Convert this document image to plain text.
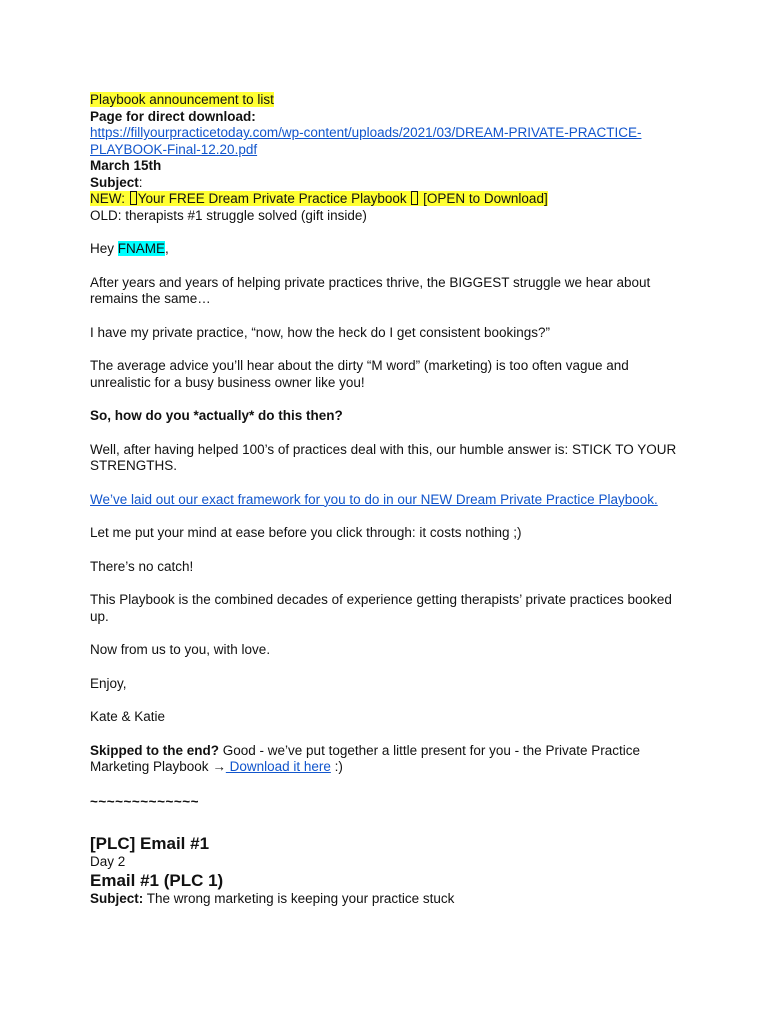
Playbook announcement to list

Page for direct download:

https://fillyourpracticetoday.com/wp-content/uploads/2021/03/DREAM-PRIVATE-PRACTICE-PLAYBOOK-Final-12.20.pdf

March 15th

Subject:

NEW: Your FREE Dream Private Practice Playbook  [OPEN to Download]

OLD: therapists #1 struggle solved (gift inside)

Hey FNAME,

After years and years of helping private practices thrive, the BIGGEST struggle we hear about remains the same…

I have my private practice, “now, how the heck do I get consistent bookings?”

The average advice you’ll hear about the dirty “M word” (marketing) is too often vague and unrealistic for a busy business owner like you!

So, how do you *actually* do this then?

Well, after having helped 100’s of practices deal with this, our humble answer is: STICK TO YOUR STRENGTHS.

We’ve laid out our exact framework for you to do in our NEW Dream Private Practice Playbook.

Let me put your mind at ease before you click through: it costs nothing ;)

There’s no catch!

This Playbook is the combined decades of experience getting therapists’ private practices booked up.

Now from us to you, with love.

Enjoy,

Kate & Katie

Skipped to the end? Good - we’ve put together a little present for you - the Private Practice Marketing Playbook → Download it here :)

~~~~~~~~~~~~~

[PLC] Email #1

Day 2

Email #1 (PLC 1)

Subject: The wrong marketing is keeping your practice stuck
